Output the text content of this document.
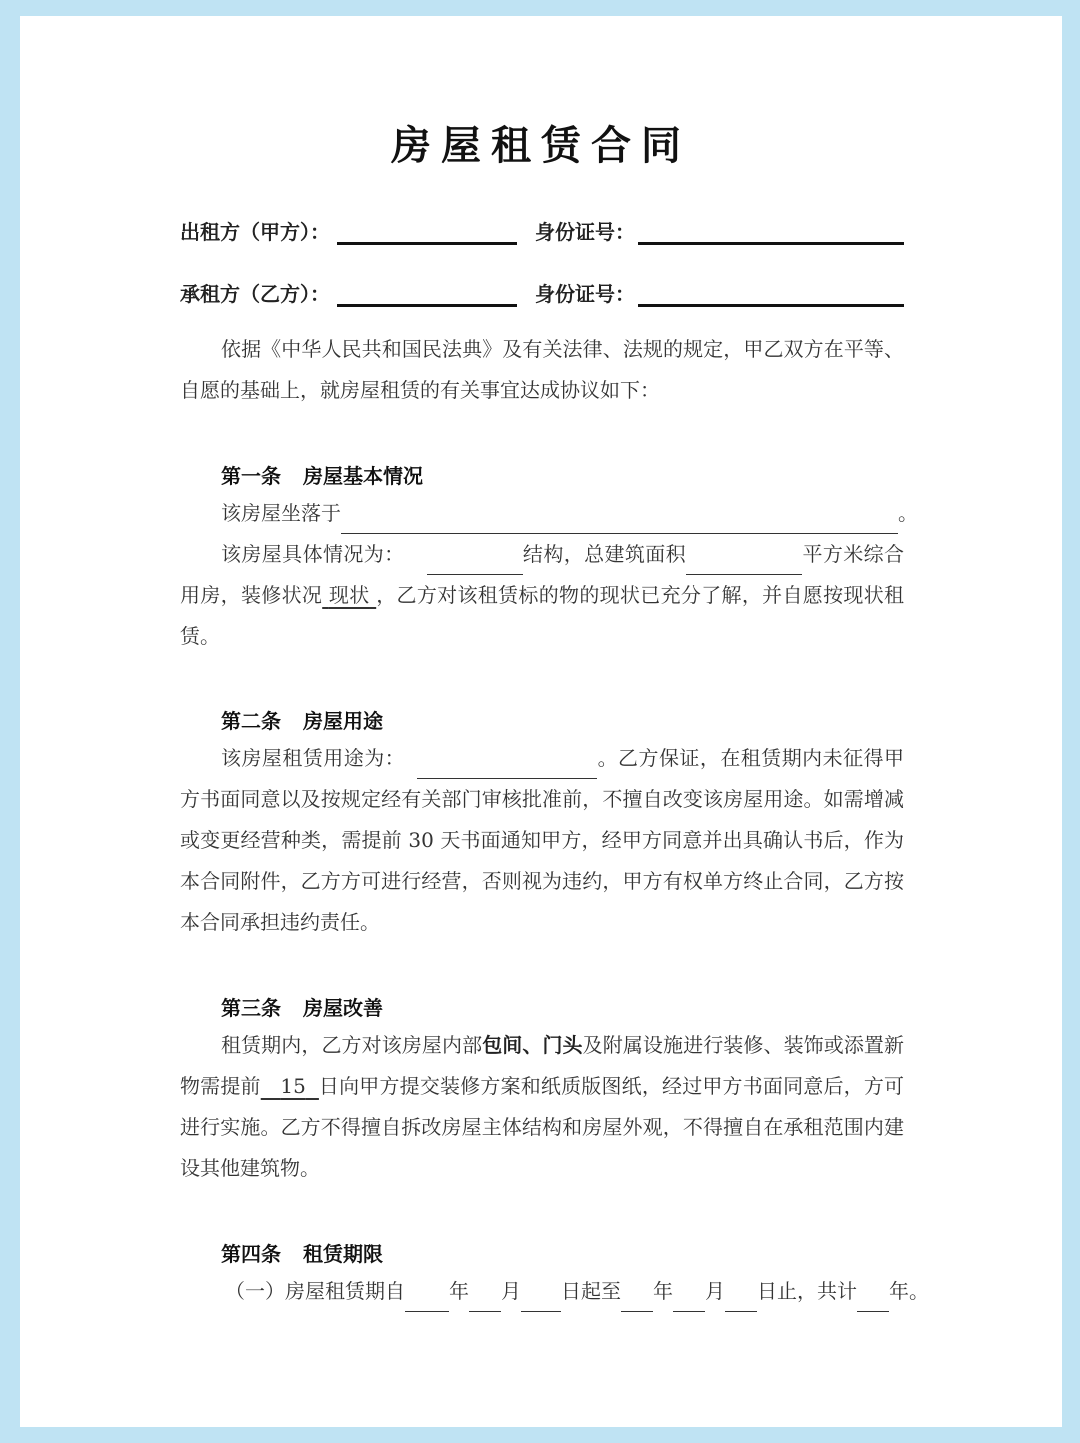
房屋租赁合同
出租方（甲方）：	身份证号：
承租方（乙方）：	身份证号：
依据《中华人民共和国民法典》及有关法律、法规的规定，甲乙双方在平等、自愿的基础上，就房屋租赁的有关事宜达成协议如下：
第一条 房屋基本情况
该房屋坐落于	。
该房屋具体情况为：	结构，总建筑面积	平方米综合用房，装修状况 现状 ，乙方对该租赁标的物的现状已充分了解，并自愿按现状租赁。
第二条 房屋用途
该房屋租赁用途为：	。乙方保证，在租赁期内未征得甲方书面同意以及按规定经有关部门审核批准前，不擅自改变该房屋用途。如需增减或变更经营种类，需提前 30 天书面通知甲方，经甲方同意并出具确认书后，作为本合同附件，乙方方可进行经营，否则视为违约，甲方有权单方终止合同，乙方按本合同承担违约责任。
第三条 房屋改善
租赁期内，乙方对该房屋内部包间、门头及附属设施进行装修、装饰或添置新物需提前 15 日向甲方提交装修方案和纸质版图纸，经过甲方书面同意后，方可进行实施。乙方不得擅自拆改房屋主体结构和房屋外观，不得擅自在承租范围内建设其他建筑物。
第四条 租赁期限
（一）房屋租赁期自 年 月 日起至 年 月 日止，共计 年。
